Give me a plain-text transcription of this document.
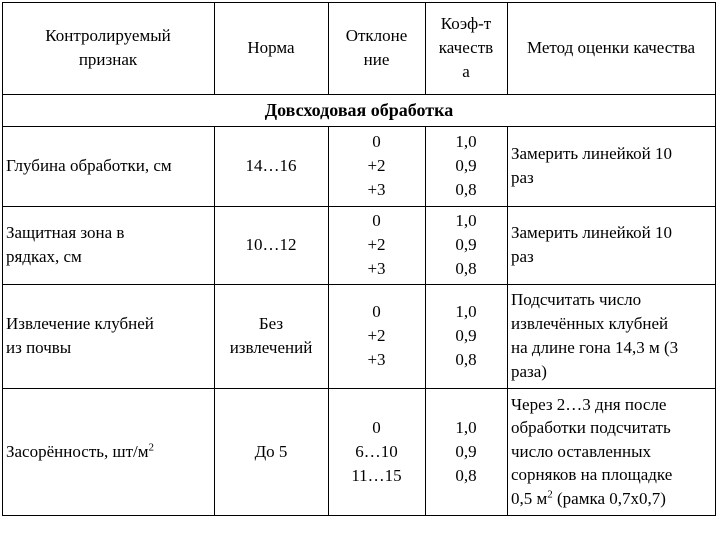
Контролируемый
признак
Норма
Отклоне
ние
Коэф-т
качеств
а
Метод оценки качества
Довсходовая обработка
Глубина обработки, см	14…16
0
+2
+3
1,0
0,9
0,8
Замерить линейкой 10
раз
Защитная зона в
рядках, см
10…12
0
+2
+3
1,0
0,9
0,8
Замерить линейкой 10
раз
Извлечение клубней
из почвы
Без
извлечений
0
+2
+3
1,0
0,9
0,8
Подсчитать число
извлечённых клубней
на длине гона 14,3 м (3
раза)
Засорённость, $шт/м^2$	До 5
0
6…10
11…15
1,0
0,9
0,8
Через 2…3 дня после
обработки подсчитать
число оставленных
сорняков на площадке
0,5 $м^2$ (рамка 0,7х0,7)
